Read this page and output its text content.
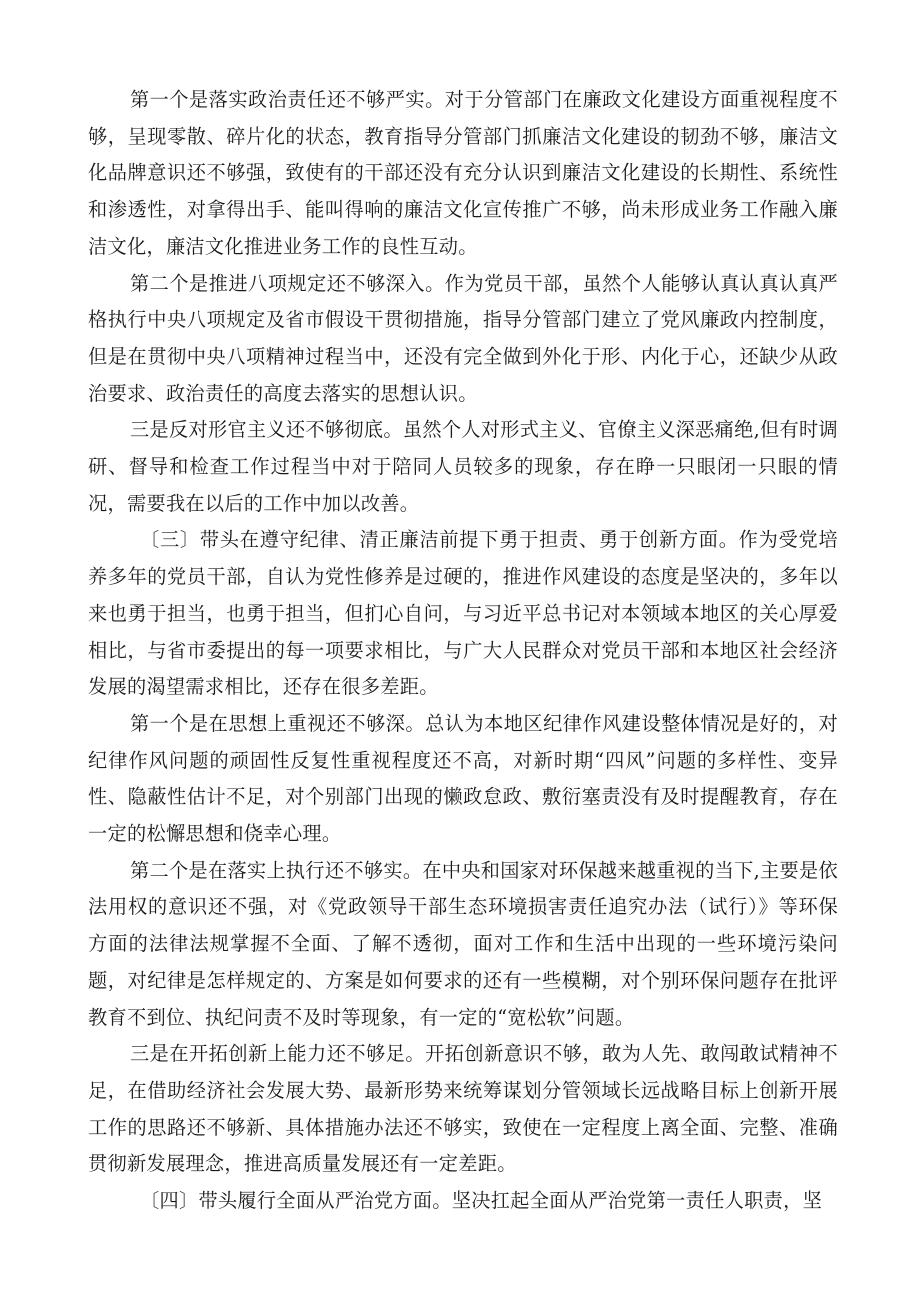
第一个是落实政治责任还不够严实。对于分管部门在廉政文化建设方面重视程度不够，呈现零散、碎片化的状态，教育指导分管部门抓廉洁文化建设的韧劲不够，廉洁文化品牌意识还不够强，致使有的干部还没有充分认识到廉洁文化建设的长期性、系统性和渗透性，对拿得出手、能叫得响的廉洁文化宣传推广不够，尚未形成业务工作融入廉洁文化，廉洁文化推进业务工作的良性互动。

第二个是推进八项规定还不够深入。作为党员干部，虽然个人能够认真认真认真严格执行中央八项规定及省市假设干贯彻措施，指导分管部门建立了党风廉政内控制度，但是在贯彻中央八项精神过程当中，还没有完全做到外化于形、内化于心，还缺少从政治要求、政治责任的高度去落实的思想认识。

三是反对形官主义还不够彻底。虽然个人对形式主义、官僚主义深恶痛绝,但有时调研、督导和检查工作过程当中对于陪同人员较多的现象，存在睁一只眼闭一只眼的情况，需要我在以后的工作中加以改善。

〔三〕带头在遵守纪律、清正廉洁前提下勇于担责、勇于创新方面。作为受党培养多年的党员干部，自认为党性修养是过硬的，推进作风建设的态度是坚决的，多年以来也勇于担当，也勇于担当，但扪心自问，与习近平总书记对本领域本地区的关心厚爱相比，与省市委提出的每一项要求相比，与广大人民群众对党员干部和本地区社会经济发展的渴望需求相比，还存在很多差距。

第一个是在思想上重视还不够深。总认为本地区纪律作风建设整体情况是好的，对纪律作风问题的顽固性反复性重视程度还不高，对新时期“四风”问题的多样性、变异性、隐蔽性估计不足，对个别部门出现的懒政怠政、敷衍塞责没有及时提醒教育，存在一定的松懈思想和侥幸心理。

第二个是在落实上执行还不够实。在中央和国家对环保越来越重视的当下,主要是依法用权的意识还不强，对《党政领导干部生态环境损害责任追究办法（试行）》等环保方面的法律法规掌握不全面、了解不透彻，面对工作和生活中出现的一些环境污染问题，对纪律是怎样规定的、方案是如何要求的还有一些模糊，对个别环保问题存在批评教育不到位、执纪问责不及时等现象，有一定的“宽松软”问题。

三是在开拓创新上能力还不够足。开拓创新意识不够，敢为人先、敢闯敢试精神不足，在借助经济社会发展大势、最新形势来统筹谋划分管领域长远战略目标上创新开展工作的思路还不够新、具体措施办法还不够实，致使在一定程度上离全面、完整、准确贯彻新发展理念，推进高质量发展还有一定差距。

〔四〕带头履行全面从严治党方面。坚决扛起全面从严治党第一责任人职责，坚
